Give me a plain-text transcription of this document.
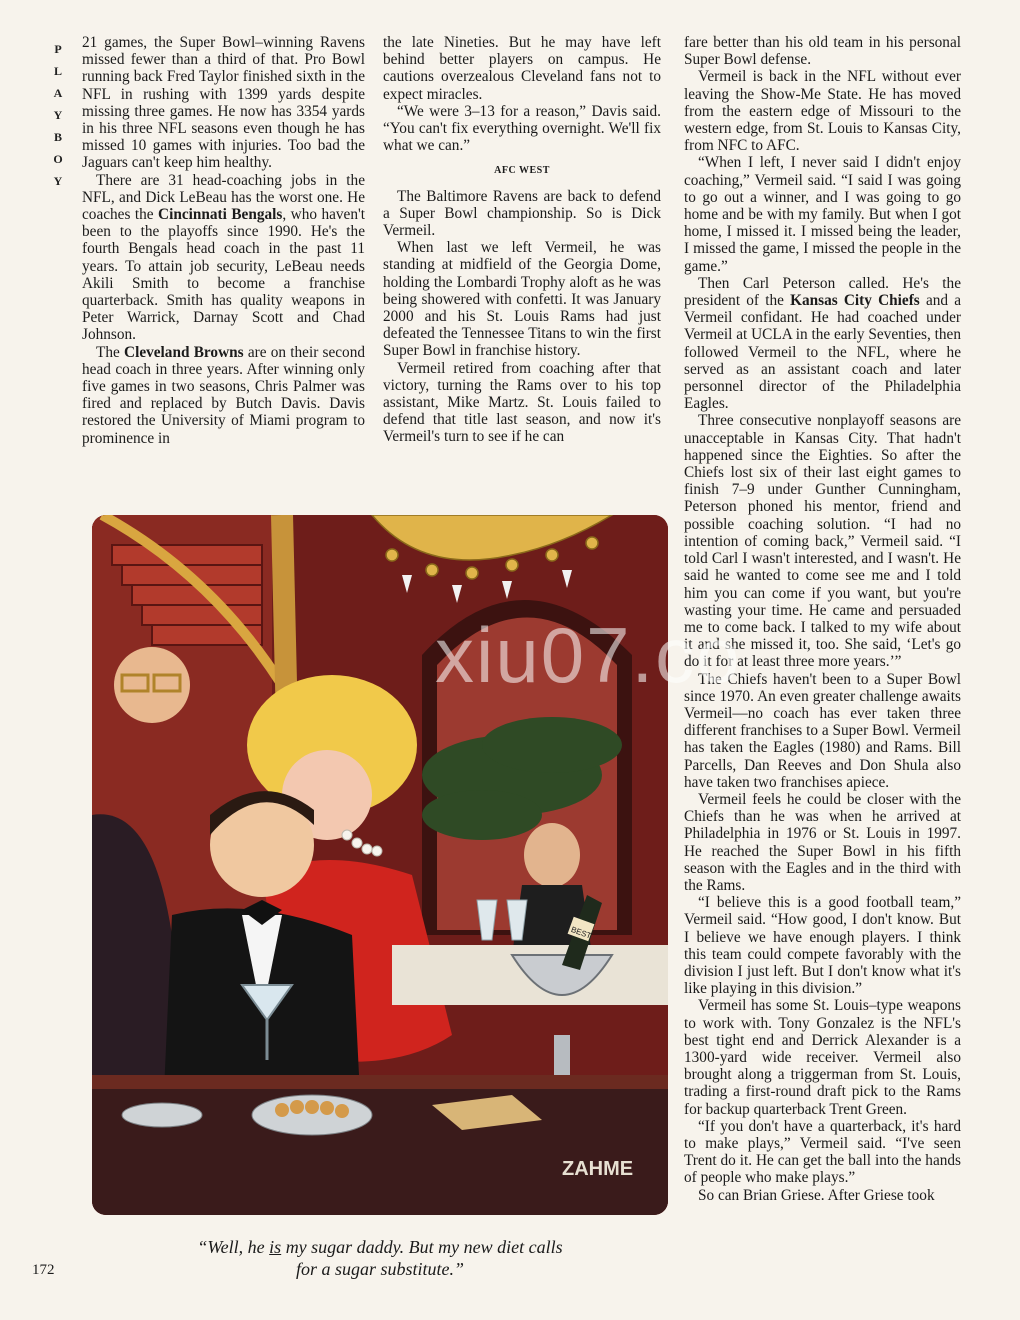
P
L
A
Y
B
O
Y

21 games, the Super Bowl–winning Ravens missed fewer than a third of that. Pro Bowl running back Fred Taylor finished sixth in the NFL in rushing with 1399 yards despite missing three games. He now has 3354 yards in his three NFL seasons even though he has missed 10 games with injuries. Too bad the Jaguars can't keep him healthy.

There are 31 head-coaching jobs in the NFL, and Dick LeBeau has the worst one. He coaches the Cincinnati Bengals, who haven't been to the playoffs since 1990. He's the fourth Bengals head coach in the past 11 years. To attain job security, LeBeau needs Akili Smith to become a franchise quarterback. Smith has quality weapons in Peter Warrick, Darnay Scott and Chad Johnson.

The Cleveland Browns are on their second head coach in three years. After winning only five games in two seasons, Chris Palmer was fired and replaced by Butch Davis. Davis restored the University of Miami program to prominence in

the late Nineties. But he may have left behind better players on campus. He cautions overzealous Cleveland fans not to expect miracles.

“We were 3–13 for a reason,” Davis said. “You can't fix everything overnight. We'll fix what we can.”

AFC WEST

The Baltimore Ravens are back to defend a Super Bowl championship. So is Dick Vermeil.

When last we left Vermeil, he was standing at midfield of the Georgia Dome, holding the Lombardi Trophy aloft as he was being showered with confetti. It was January 2000 and his St. Louis Rams had just defeated the Tennessee Titans to win the first Super Bowl in franchise history.

Vermeil retired from coaching after that victory, turning the Rams over to his top assistant, Mike Martz. St. Louis failed to defend that title last season, and now it's Vermeil's turn to see if he can

fare better than his old team in his personal Super Bowl defense.

Vermeil is back in the NFL without ever leaving the Show-Me State. He has moved from the eastern edge of Missouri to the western edge, from St. Louis to Kansas City, from NFC to AFC.

“When I left, I never said I didn't enjoy coaching,” Vermeil said. “I said I was going to go out a winner, and I was going to go home and be with my family. But when I got home, I missed it. I missed being the leader, I missed the game, I missed the people in the game.”

Then Carl Peterson called. He's the president of the Kansas City Chiefs and a Vermeil confidant. He had coached under Vermeil at UCLA in the early Seventies, then followed Vermeil to the NFL, where he served as an assistant coach and later personnel director of the Philadelphia Eagles.

Three consecutive nonplayoff seasons are unacceptable in Kansas City. That hadn't happened since the Eighties. So after the Chiefs lost six of their last eight games to finish 7–9 under Gunther Cunningham, Peterson phoned his mentor, friend and possible coaching solution. “I had no intention of coming back,” Vermeil said. “I told Carl I wasn't interested, and I wasn't. He said he wanted to come see me and I told him you can come if you want, but you're wasting your time. He came and persuaded me to come back. I talked to my wife about it and she missed it, too. She said, ‘Let's go do it for at least three more years.’”

The Chiefs haven't been to a Super Bowl since 1970. An even greater challenge awaits Vermeil—no coach has ever taken three different franchises to a Super Bowl. Vermeil has taken the Eagles (1980) and Rams. Bill Parcells, Dan Reeves and Don Shula also have taken two franchises apiece.

Vermeil feels he could be closer with the Chiefs than he was when he arrived at Philadelphia in 1976 or St. Louis in 1997. He reached the Super Bowl in his fifth season with the Eagles and in the third with the Rams.

“I believe this is a good football team,” Vermeil said. “How good, I don't know. But I believe we have enough players. I think this team could compete favorably with the division I just left. But I don't know what it's like playing in this division.”

Vermeil has some St. Louis–type weapons to work with. Tony Gonzalez is the NFL's best tight end and Derrick Alexander is a 1300-yard wide receiver. Vermeil also brought along a triggerman from St. Louis, trading a first-round draft pick to the Rams for backup quarterback Trent Green.

“If you don't have a quarterback, it's hard to make plays,” Vermeil said. “I've seen Trent do it. He can get the ball into the hands of people who make plays.”

So can Brian Griese. After Griese took

BEST
ZAHME
xiu07.co
“Well, he is my sugar daddy. But my new diet calls
for a sugar substitute.”
172
